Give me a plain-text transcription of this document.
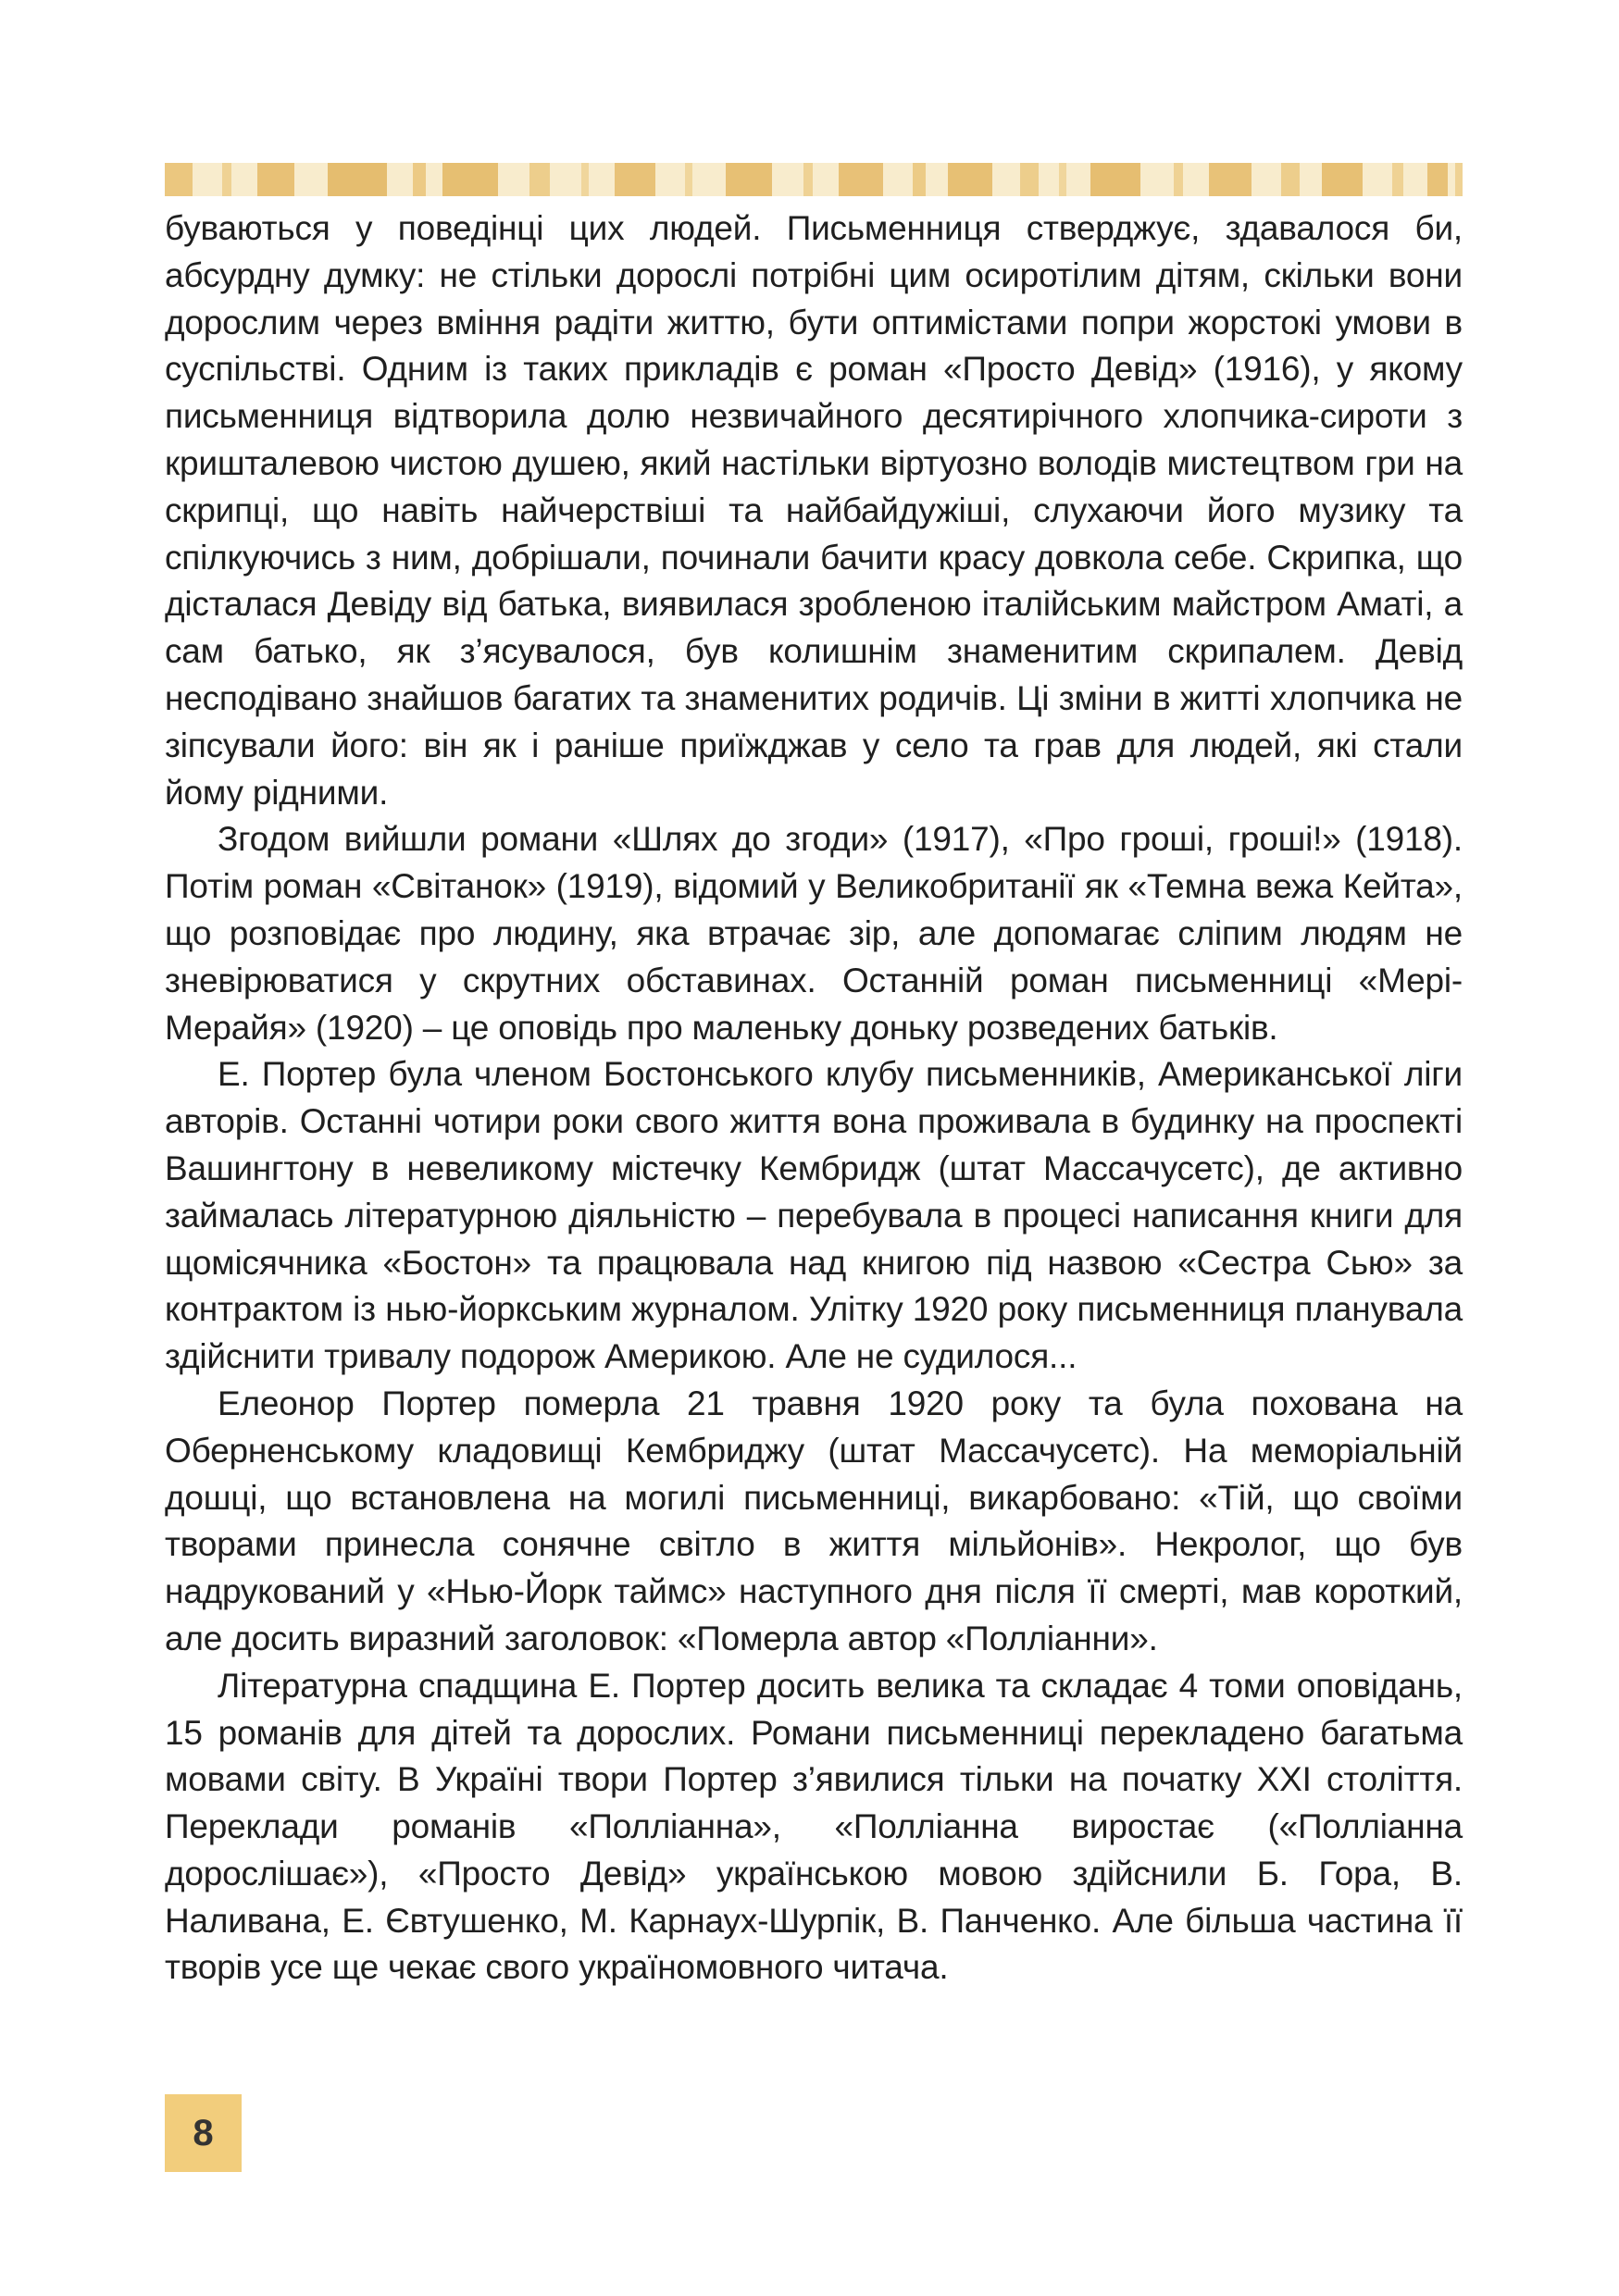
буваються у поведінці цих людей. Письменниця стверджує, здавалося би, абсурдну думку: не стільки дорослі потрібні цим осиротілим дітям, скільки вони дорослим через вміння радіти життю, бути оптимістами попри жорстокі умови в суспільстві. Одним із таких прикладів є роман «Просто Девід» (1916), у якому письменниця відтворила долю незвичайного десятирічного хлопчика-сироти з кришталевою чистою душею, який настільки віртуозно володів мистецтвом гри на скрипці, що навіть найчерствіші та найбайдужіші, слухаючи його музику та спілкуючись з ним, добрішали, починали бачити красу довкола себе. Скрипка, що дісталася Девіду від батька, виявилася зробленою італійським майстром Аматі, а сам батько, як з’ясувалося, був колишнім знаменитим скрипалем. Девід несподівано знайшов багатих та знаменитих родичів. Ці зміни в житті хлопчика не зіпсували його: він як і раніше приїжджав у село та грав для людей, які стали йому рідними.

Згодом вийшли романи «Шлях до згоди» (1917), «Про гроші, гроші!» (1918). Потім роман «Світанок» (1919), відомий у Великобританії як «Темна вежа Кейта», що розповідає про людину, яка втрачає зір, але допомагає сліпим людям не зневірюватися у скрутних обставинах. Останній роман письменниці «Мері-Мерайя» (1920) – це оповідь про маленьку доньку розведених батьків.

Е. Портер була членом Бостонського клубу письменників, Американської ліги авторів. Останні чотири роки свого життя вона проживала в будинку на проспекті Вашингтону в невеликому містечку Кембридж (штат Массачусетс), де активно займалась літературною діяльністю – перебувала в процесі написання книги для щомісячника «Бостон» та працювала над книгою під назвою «Сестра Сью» за контрактом із нью-йоркським журналом. Улітку 1920 року письменниця планувала здійснити тривалу подорож Америкою. Але не судилося...

Елеонор Портер померла 21 травня 1920 року та була похована на Оберненському кладовищі Кембриджу (штат Массачусетс). На меморіальній дошці, що встановлена на могилі письменниці, викарбовано: «Тій, що своїми творами принесла сонячне світло в життя мільйонів». Некролог, що був надрукований у «Нью-Йорк таймс» наступного дня після її смерті, мав короткий, але досить виразний заголовок: «Померла автор «Полліанни».

Літературна спадщина Е. Портер досить велика та складає 4 томи оповідань, 15 романів для дітей та дорослих. Романи письменниці перекладено багатьма мовами світу. В Україні твори Портер з’явилися тільки на початку XXI століття. Переклади романів «Полліанна», «Полліанна виростає («Полліанна дорослішає»), «Просто Девід» українською мовою здійснили Б. Гора, В. Наливана, Е. Євтушенко, М. Карнаух-Шурпік, В. Панченко. Але більша частина її творів усе ще чекає свого україномовного читача.

8
